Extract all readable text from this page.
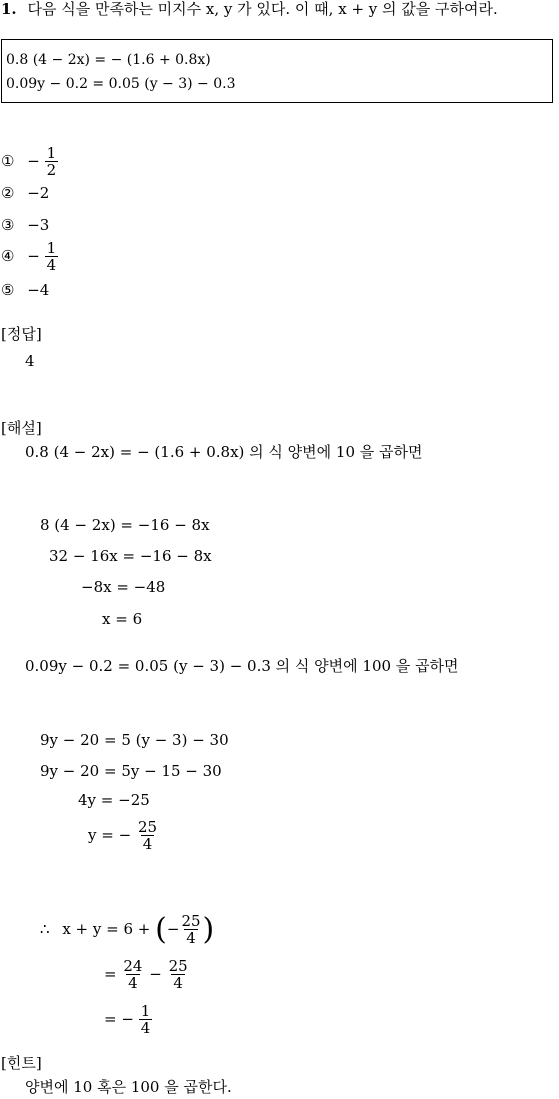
1. 다음 식을 만족하는 미지수 x, y 가 있다. 이 때, x + y 의 값을 구하여라.
0.8 (4 − 2x) = − (1.6 + 0.8x)
0.09y − 0.2 = 0.05 (y − 3) − 0.3
① − $\frac{1}{2}$
② −2
③ −3
④ − $\frac{1}{4}$
⑤ −4
[정답]
4
[해설]
0.8 (4 − 2x) = − (1.6 + 0.8x) 의 식 양변에 10 을 곱하면
8 (4 − 2x) = −16 − 8x
32 − 16x = −16 − 8x
−8x = −48
x = 6
0.09y − 0.2 = 0.05 (y − 3) − 0.3 의 식 양변에 100 을 곱하면
9y − 20 = 5 (y − 3) − 30
9y − 20 = 5y − 15 − 30
4y = −25
y = − $\frac{25}{4}$
∴ x + y = 6 + (− $\frac{25}{4}$ )
= $\frac{24}{4} - \frac{25}{4}$
= − $\frac{1}{4}$
[힌트]
양변에 10 혹은 100 을 곱한다.
